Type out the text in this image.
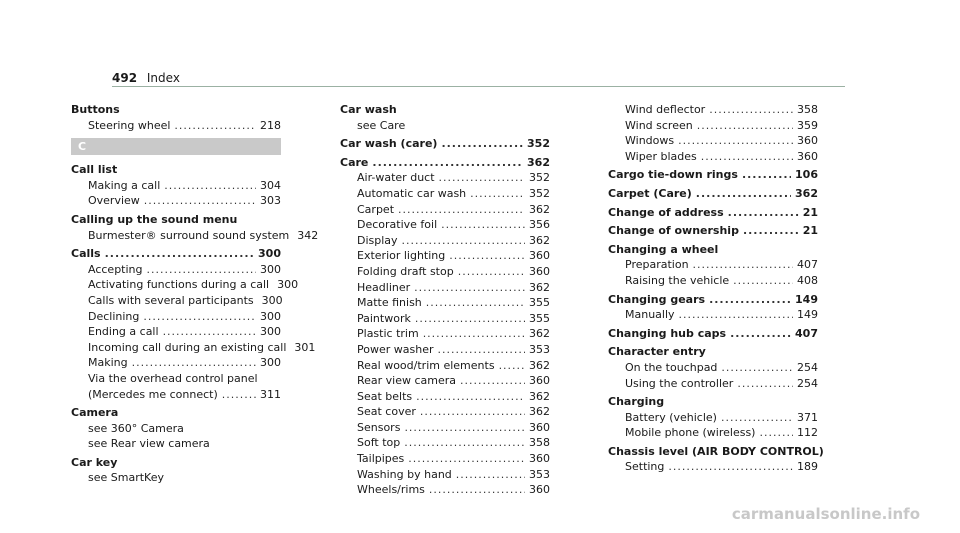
492 Index
Buttons
Steering wheel .....	218
C
Call list
Making a call .....	304
Overview .....	303
Calling up the sound menu
Burmester® surround sound system 342
Calls .....	300
Accepting .....	300
Activating functions during a call 300
Calls with several participants 300
Declining .....	300
Ending a call .....	300
Incoming call during an existing call 301
Making .....	300
Via the overhead control panel
(Mercedes me connect) .....	311
Camera
see 360° Camera
see Rear view camera
Car key
see SmartKey
Car wash
see Care
Car wash (care) .....	352
Care .....	362
Air-water duct .....	352
Automatic car wash .....	352
Carpet .....	362
Decorative foil .....	356
Display .....	362
Exterior lighting .....	360
Folding draft stop .....	360
Headliner .....	362
Matte finish .....	355
Paintwork .....	355
Plastic trim .....	362
Power washer .....	353
Real wood/trim elements .....	362
Rear view camera .....	360
Seat belts .....	362
Seat cover .....	362
Sensors .....	360
Soft top .....	358
Tailpipes .....	360
Washing by hand .....	353
Wheels/rims .....	360
Wind deflector .....	358
Wind screen .....	359
Windows .....	360
Wiper blades .....	360
Cargo tie-down rings .....	106
Carpet (Care) .....	362
Change of address .....	21
Change of ownership .....	21
Changing a wheel
Preparation .....	407
Raising the vehicle .....	408
Changing gears .....	149
Manually .....	149
Changing hub caps .....	407
Character entry
On the touchpad .....	254
Using the controller .....	254
Charging
Battery (vehicle) .....	371
Mobile phone (wireless) .....	112
Chassis level (AIR BODY CONTROL)
Setting .....	189
carmanualsonline.info
